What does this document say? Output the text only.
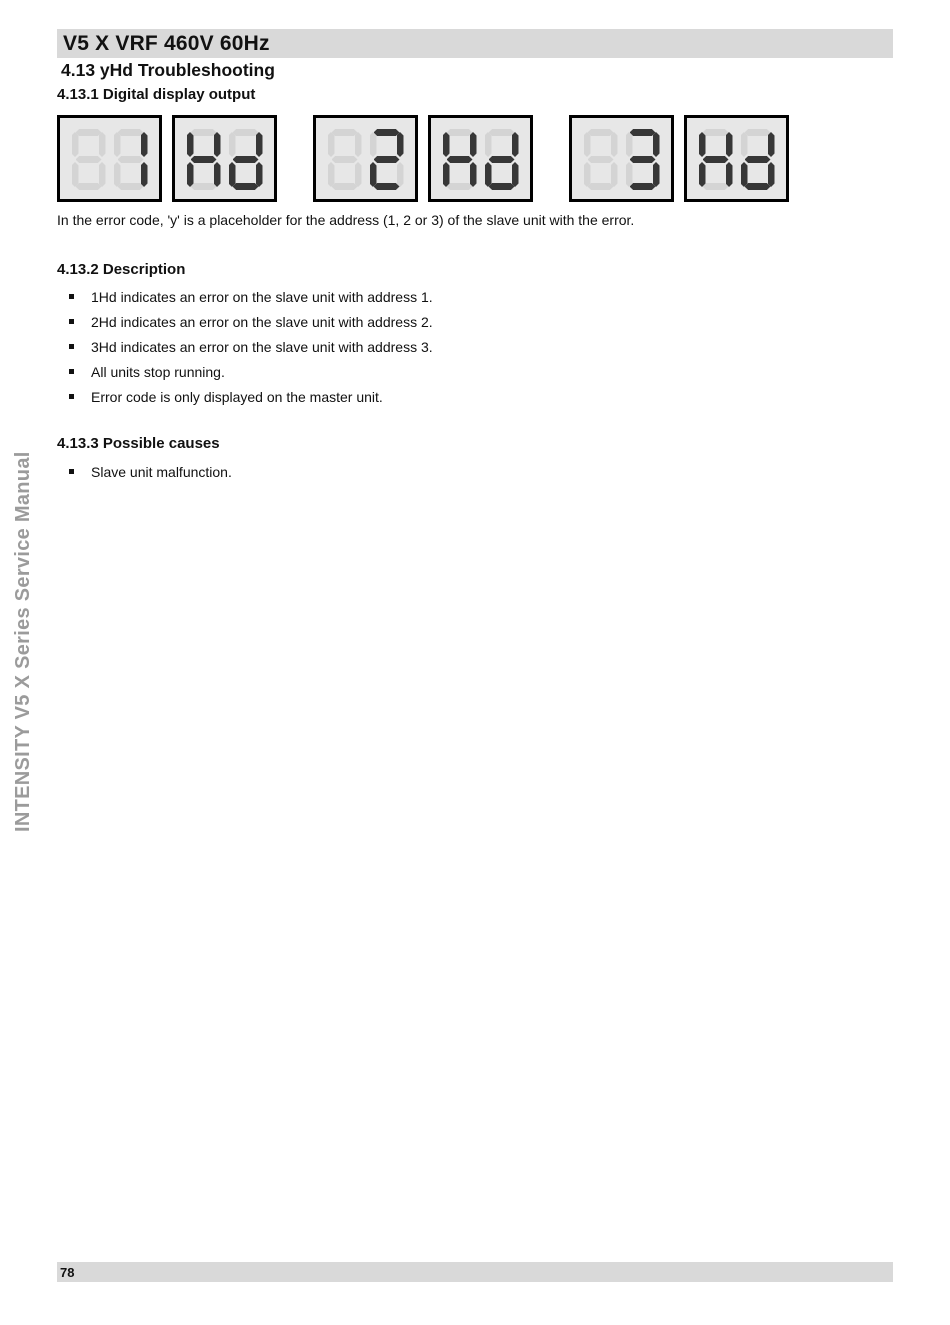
V5 X VRF 460V 60Hz
4.13 yHd Troubleshooting
4.13.1 Digital display output
In the error code, 'y' is a placeholder for the address (1, 2 or 3) of the slave unit with the error.
4.13.2 Description
1Hd indicates an error on the slave unit with address 1.
2Hd indicates an error on the slave unit with address 2.
3Hd indicates an error on the slave unit with address 3.
All units stop running.
Error code is only displayed on the master unit.
4.13.3 Possible causes
Slave unit malfunction.
INTENSITY V5 X Series Service Manual
78
